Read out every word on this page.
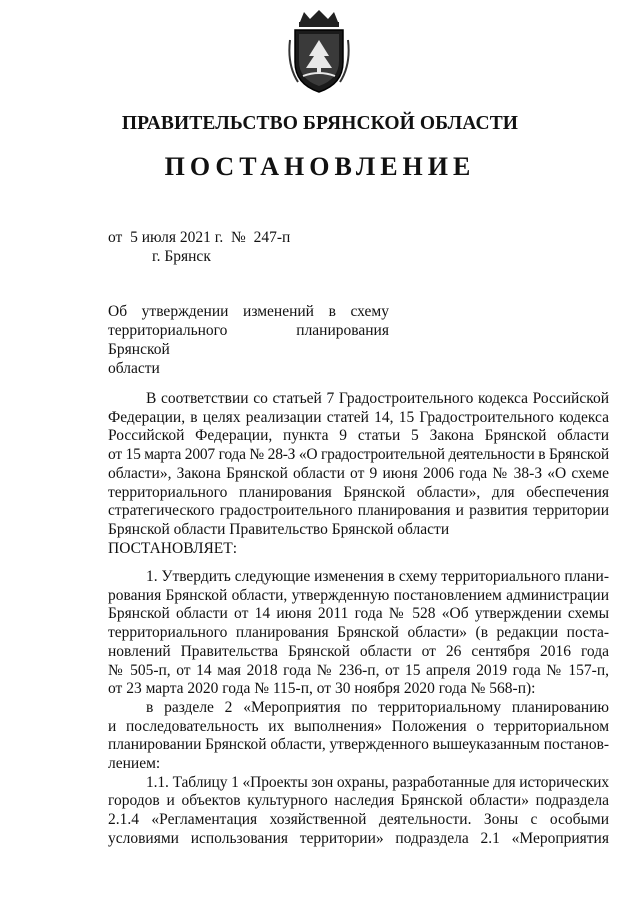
ПРАВИТЕЛЬСТВО БРЯНСКОЙ ОБЛАСТИ
ПОСТАНОВЛЕНИЕ
от  5 июля 2021 г.  №  247-п
г. Брянск
Об утверждении изменений в схему
территориального планирования Брянской
области
В соответствии со статьей 7 Градостроительного кодекса Российской
Федерации, в целях реализации статей 14, 15 Градостроительного кодекса
Российской Федерации, пункта 9 статьи 5 Закона Брянской области
от 15 марта 2007 года № 28-З «О градостроительной деятельности в Брянской
области», Закона Брянской области от 9 июня 2006 года № 38-З «О схеме
территориального планирования Брянской области», для обеспечения
стратегического градостроительного планирования и развития территории
Брянской области Правительство Брянской области
ПОСТАНОВЛЯЕТ:
1. Утвердить следующие изменения в схему территориального плани-
рования Брянской области, утвержденную постановлением администрации
Брянской области от 14 июня 2011 года № 528 «Об утверждении схемы
территориального планирования Брянской области» (в редакции поста-
новлений Правительства Брянской области от 26 сентября 2016 года
№ 505-п, от 14 мая 2018 года № 236-п, от 15 апреля 2019 года № 157-п,
от 23 марта 2020 года № 115-п, от 30 ноября 2020 года № 568-п):
в разделе 2 «Мероприятия по территориальному планированию
и последовательность их выполнения» Положения о территориальном
планировании Брянской области, утвержденного вышеуказанным постанов-
лением:
1.1. Таблицу 1 «Проекты зон охраны, разработанные для исторических
городов и объектов культурного наследия Брянской области» подраздела
2.1.4 «Регламентация хозяйственной деятельности. Зоны с особыми
условиями использования территории» подраздела 2.1 «Мероприятия
